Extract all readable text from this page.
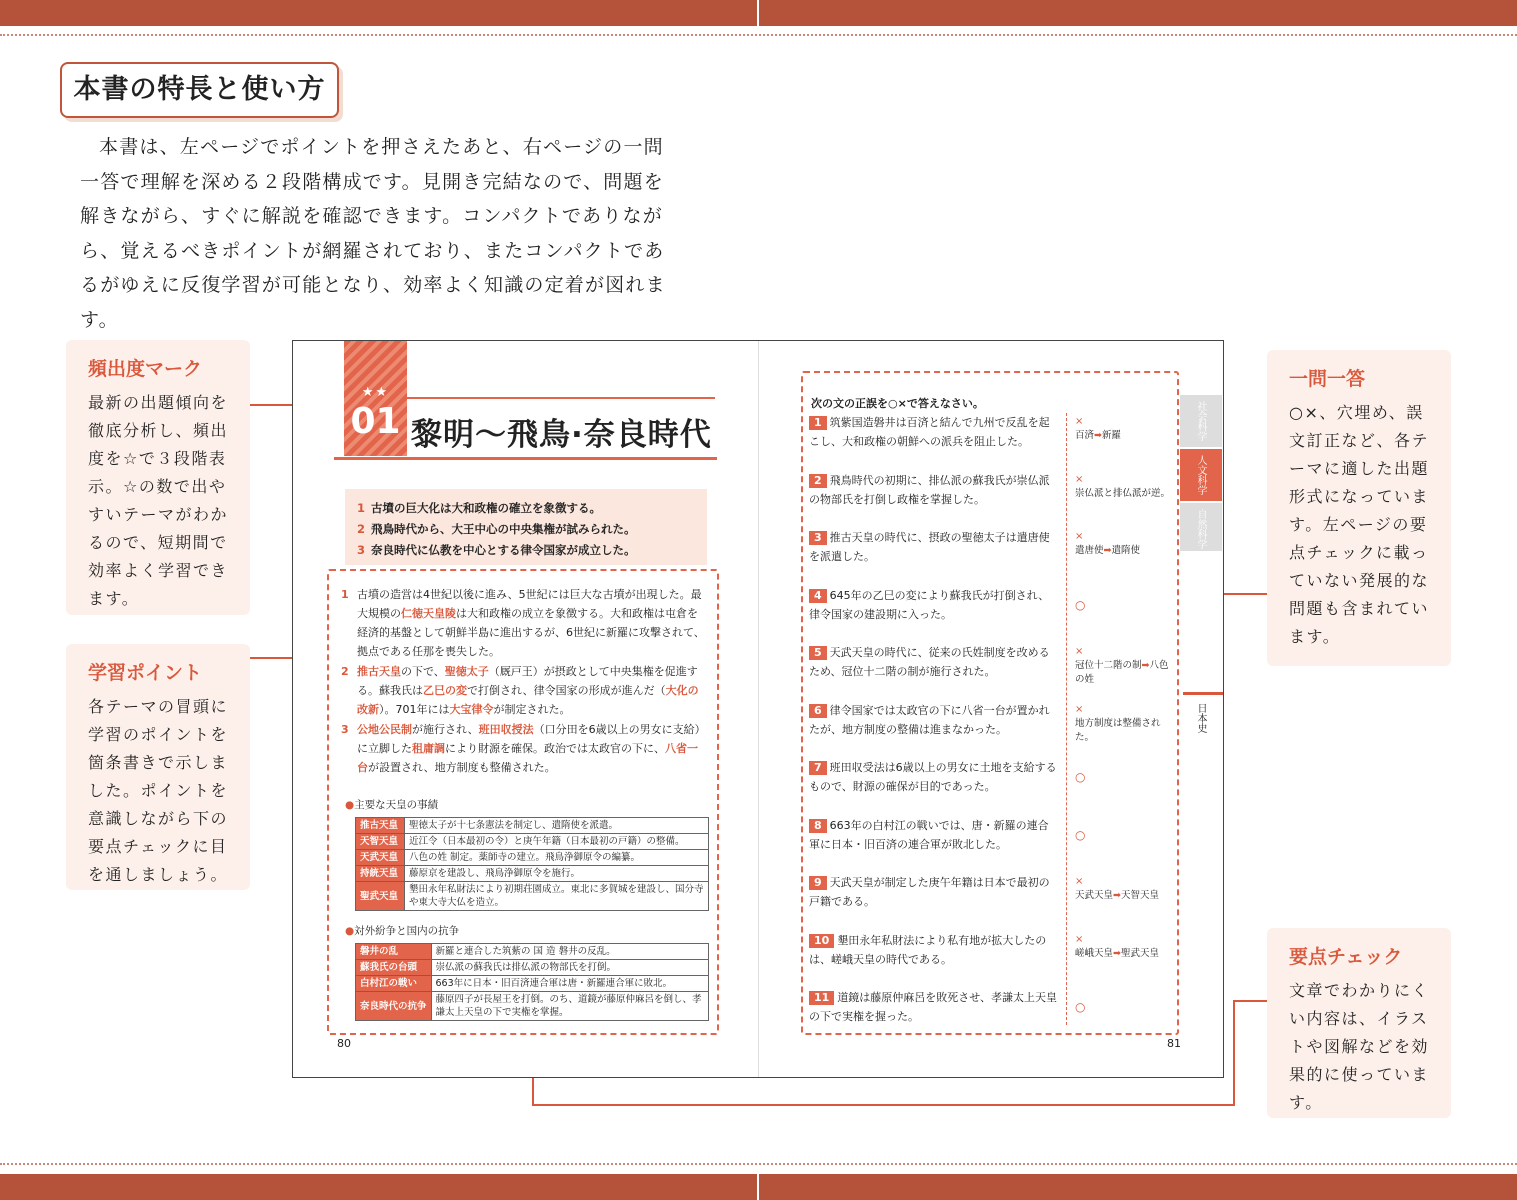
本書の特長と使い方

本書は、左ページでポイントを押さえたあと、右ページの一問一答で理解を深める２段階構成です。見開き完結なので、問題を解きながら、すぐに解説を確認できます。コンパクトでありながら、覚えるべきポイントが網羅されており、またコンパクトであるがゆえに反復学習が可能となり、効率よく知識の定着が図れます。

頻出度マーク
最新の出題傾向を徹底分析し、頻出度を☆で３段階表示。☆の数で出やすいテーマがわかるので、短期間で効率よく学習できます。
学習ポイント
各テーマの冒頭に学習のポイントを箇条書きで示しました。ポイントを意識しながら下の要点チェックに目を通しましょう。
一問一答
○×、穴埋め、誤文訂正など、各テーマに適した出題形式になっています。左ページの要点チェックに載っていない発展的な問題も含まれています。
要点チェック
文章でわかりにくい内容は、イラストや図解などを効果的に使っています。
★★
01 黎明～飛鳥·奈良時代
1 古墳の巨大化は大和政権の確立を象徴する。
2 飛鳥時代から、大王中心の中央集権が試みられた。
3 奈良時代に仏教を中心とする律令国家が成立した。
1 古墳の造営は4世紀以後に進み、5世紀には巨大な古墳が出現した。最大規模の仁徳天皇陵は大和政権の成立を象徴する。大和政権は屯倉を経済的基盤として朝鮮半島に進出するが、6世紀に新羅に攻撃されて、拠点である任那を喪失した。
2 推古天皇の下で、聖徳太子（厩戸王）が摂政として中央集権を促進する。蘇我氏は乙巳の変で打倒され、律令国家の形成が進んだ（大化の改新）。701年には大宝律令が制定された。
3 公地公民制が施行され、班田収授法（口分田を6歳以上の男女に支給）に立脚した租庸調により財源を確保。政治では太政官の下に、八省一台が設置され、地方制度も整備された。
●主要な天皇の事績
推古天皇	聖徳太子が十七条憲法を制定し、遣隋使を派遣。
天智天皇	近江令（日本最初の令）と庚午年籍（日本最初の戸籍）の整備。
天武天皇	八色の姓 制定。薬師寺の建立。飛鳥浄御原令の編纂。
持統天皇	藤原京を建設し、飛鳥浄御原令を施行。
聖武天皇	墾田永年私財法により初期荘園成立。東北に多賀城を建設し、国分寺や東大寺大仏を造立。
●対外紛争と国内の抗争
磐井の乱	新羅と連合した筑紫の 国 造 磐井の反乱。
蘇我氏の台頭	崇仏派の蘇我氏は排仏派の物部氏を打倒。
白村江の戦い	663年に日本・旧百済連合軍は唐・新羅連合軍に敗北。
奈良時代の抗争	藤原四子が長屋王を打倒。のち、道鏡が藤原仲麻呂を倒し、孝謙太上天皇の下で実権を掌握。
80
次の文の正誤を○×で答えなさい。
1 筑紫国造磐井は百済と結んで九州で反乱を起こし、大和政権の朝鮮への派兵を阻止した。
×
百済➡新羅
2 飛鳥時代の初期に、排仏派の蘇我氏が崇仏派の物部氏を打倒し政権を掌握した。
×
崇仏派と排仏派が逆。
3 推古天皇の時代に、摂政の聖徳太子は遣唐使を派遣した。
×
遣唐使➡遣隋使
4 645年の乙巳の変により蘇我氏が打倒され、律令国家の建設期に入った。
○
5 天武天皇の時代に、従来の氏姓制度を改めるため、冠位十二階の制が施行された。
×
冠位十二階の制➡八色の姓
6 律令国家では太政官の下に八省一台が置かれたが、地方制度の整備は進まなかった。
×
地方制度は整備された。
7 班田収受法は6歳以上の男女に土地を支給するもので、財源の確保が目的であった。
○
8 663年の白村江の戦いでは、唐・新羅の連合軍に日本・旧百済の連合軍が敗北した。
○
9 天武天皇が制定した庚午年籍は日本で最初の戸籍である。
×
天武天皇➡天智天皇
10 墾田永年私財法により私有地が拡大したのは、嵯峨天皇の時代である。
×
嵯峨天皇➡聖武天皇
11 道鏡は藤原仲麻呂を敗死させ、孝謙太上天皇の下で実権を握った。
○
81
社会科学
人文科学
自然科学
日本史
